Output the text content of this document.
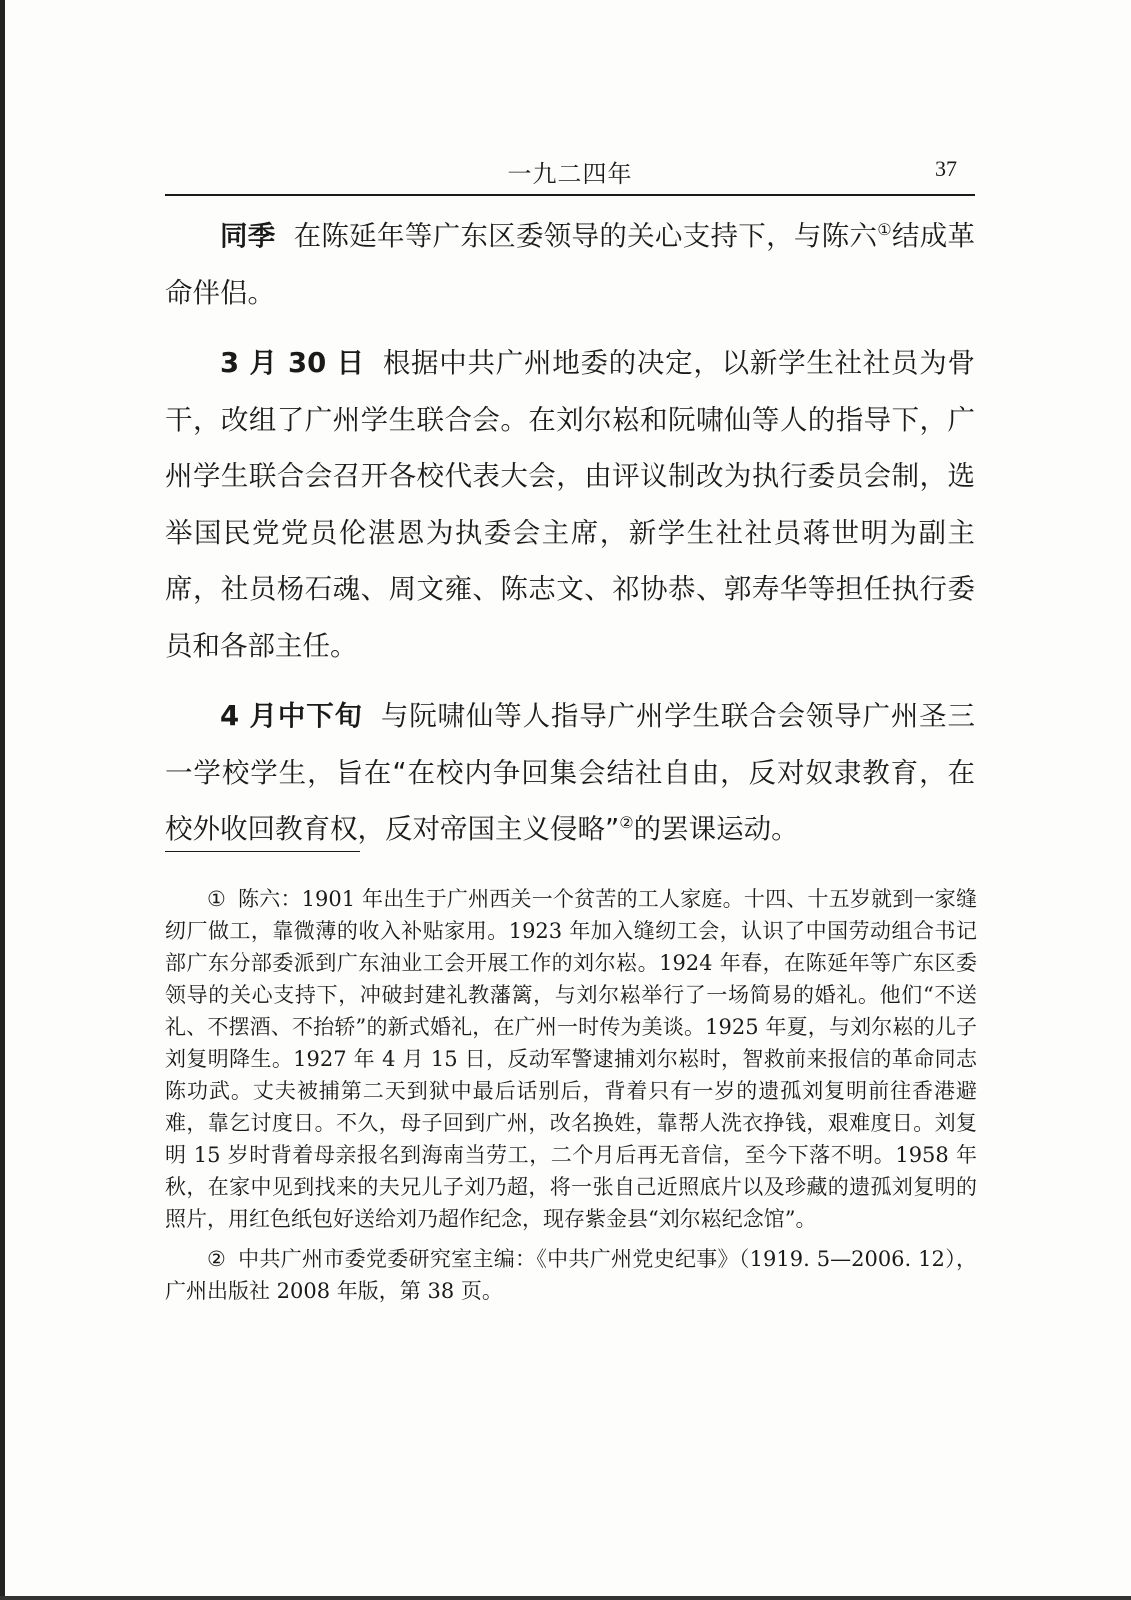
一九二四年	37

同季 在陈延年等广东区委领导的关心支持下，与陈六①结成革命伴侣。

3 月 30 日 根据中共广州地委的决定，以新学生社社员为骨干，改组了广州学生联合会。在刘尔崧和阮啸仙等人的指导下，广州学生联合会召开各校代表大会，由评议制改为执行委员会制，选举国民党党员伦湛恩为执委会主席，新学生社社员蒋世明为副主席，社员杨石魂、周文雍、陈志文、祁协恭、郭寿华等担任执行委员和各部主任。

4 月中下旬 与阮啸仙等人指导广州学生联合会领导广州圣三一学校学生，旨在“在校内争回集会结社自由，反对奴隶教育，在校外收回教育权，反对帝国主义侵略”②的罢课运动。

① 陈六：1901 年出生于广州西关一个贫苦的工人家庭。十四、十五岁就到一家缝纫厂做工，靠微薄的收入补贴家用。1923 年加入缝纫工会，认识了中国劳动组合书记部广东分部委派到广东油业工会开展工作的刘尔崧。1924 年春，在陈延年等广东区委领导的关心支持下，冲破封建礼教藩篱，与刘尔崧举行了一场简易的婚礼。他们“不送礼、不摆酒、不抬轿”的新式婚礼，在广州一时传为美谈。1925 年夏，与刘尔崧的儿子刘复明降生。1927 年 4 月 15 日，反动军警逮捕刘尔崧时，智救前来报信的革命同志陈功武。丈夫被捕第二天到狱中最后话别后，背着只有一岁的遗孤刘复明前往香港避难，靠乞讨度日。不久，母子回到广州，改名换姓，靠帮人洗衣挣钱，艰难度日。刘复明 15 岁时背着母亲报名到海南当劳工，二个月后再无音信，至今下落不明。1958 年秋，在家中见到找来的夫兄儿子刘乃超，将一张自己近照底片以及珍藏的遗孤刘复明的照片，用红色纸包好送给刘乃超作纪念，现存紫金县“刘尔崧纪念馆”。

② 中共广州市委党委研究室主编：《中共广州党史纪事》（1919. 5—2006. 12），广州出版社 2008 年版，第 38 页。
